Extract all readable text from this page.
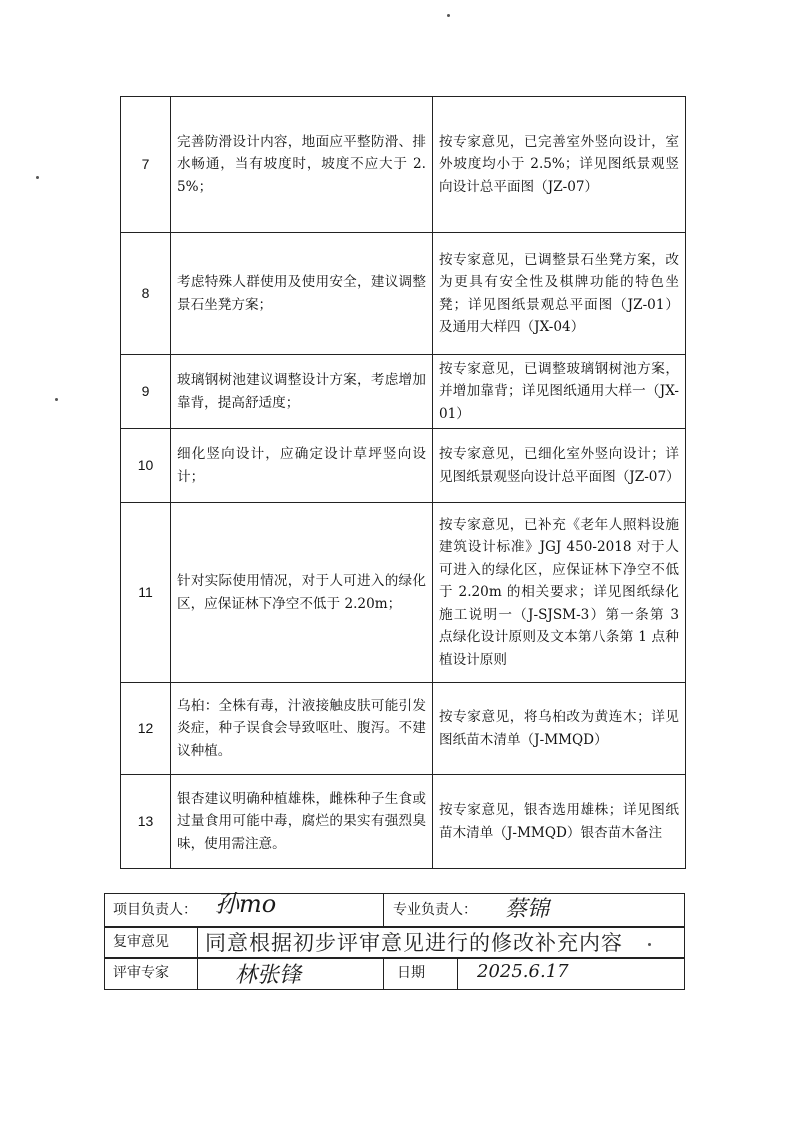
7	完善防滑设计内容，地面应平整防滑、排水畅通，当有坡度时，坡度不应大于 2.5%；	按专家意见，已完善室外竖向设计，室外坡度均小于 2.5%；详见图纸景观竖向设计总平面图（JZ-07）
8	考虑特殊人群使用及使用安全，建议调整景石坐凳方案；	按专家意见，已调整景石坐凳方案，改为更具有安全性及棋牌功能的特色坐凳；详见图纸景观总平面图（JZ-01）及通用大样四（JX-04）
9	玻璃钢树池建议调整设计方案，考虑增加靠背，提高舒适度；	按专家意见，已调整玻璃钢树池方案，并增加靠背；详见图纸通用大样一（JX-01）
10	细化竖向设计，应确定设计草坪竖向设计；	按专家意见，已细化室外竖向设计；详见图纸景观竖向设计总平面图（JZ-07）
11	针对实际使用情况，对于人可进入的绿化区，应保证林下净空不低于 2.20m；	按专家意见，已补充《老年人照料设施建筑设计标准》JGJ 450-2018 对于人可进入的绿化区，应保证林下净空不低于 2.20m 的相关要求；详见图纸绿化施工说明一（J-SJSM-3）第一条第 3 点绿化设计原则及文本第八条第 1 点种植设计原则
12	乌桕：全株有毒，汁液接触皮肤可能引发炎症，种子误食会导致呕吐、腹泻。不建议种植。	按专家意见，将乌桕改为黄连木；详见图纸苗木清单（J-MMQD）
13	银杏建议明确种植雄株，雌株种子生食或过量食用可能中毒，腐烂的果实有强烈臭味，使用需注意。	按专家意见，银杏选用雄株；详见图纸苗木清单（J-MMQD）银杏苗木备注
项目负责人： 孙mo	专业负责人： 蔡锦
复审意见 同意根据初步评审意见进行的修改补充内容
评审专家	林张锋	日期	2025.6.17
